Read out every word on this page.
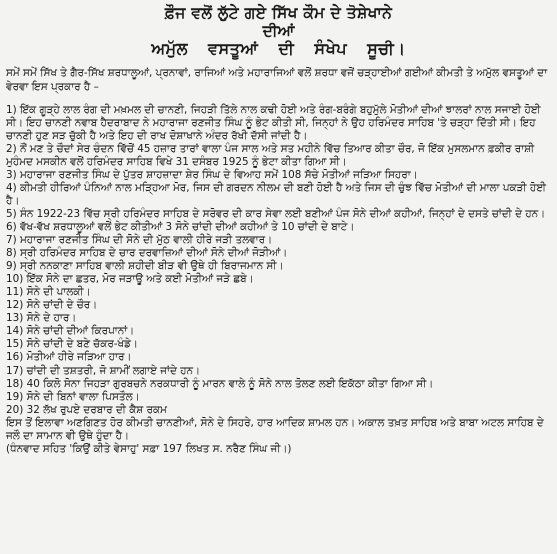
ਫ਼ੌਜ ਵਲੋਂ ਲੁੱਟੇ ਗਏ ਸਿੱਖ ਕੌਮ ਦੇ ਤੋਸ਼ੇਖਾਨੇ
ਦੀਆਂ
ਅਮੁੱਲ ਵਸਤੂਆਂ ਦੀ ਸੰਖੇਪ ਸੂਚੀ।

ਸਮੇਂ ਸਮੇਂ ਸਿੱਖ ਤੇ ਗੈਰ-ਸਿੱਖ ਸ਼ਰਧਾਲੂਆਂ, ਪ੍ਰਨਾਵਾਂ, ਰਾਜਿਆਂ ਅਤੇ ਮਹਾਰਾਜਿਆਂ ਵਲੋਂ ਸ਼ਰਧਾ ਵਜੋਂ ਚੜ੍ਹਾਈਆਂ ਗਈਆਂ ਕੀਮਤੀ ਤੇ ਅਮੁੱਲ ਵਸਤੂਆਂ ਦਾ ਵੇਰਵਾ ਇਸ ਪ੍ਰਕਾਰ ਹੈ –

1) ਇੱਕ ਗੂੜ੍ਹੇ ਲਾਲ ਰੰਗ ਦੀ ਮਖ਼ਮਲ ਦੀ ਚਾਨਣੀ, ਜਿਹੜੀ ਤਿੱਲੇ ਨਾਲ ਕਢੀ ਹੋਈ ਅਤੇ ਰੰਗ-ਬਰੰਗੇ ਬਹੁਮੁੱਲੇ ਮੋਤੀਆਂ ਦੀਆਂ ਝਾਲਰਾਂ ਨਾਲ ਸਜਾਈ ਹੋਈ ਸੀ। ਇਹ ਚਾਨਣੀ ਨਵਾਬ ਹੈਦਰਾਬਾਦ ਨੇ ਮਹਾਰਾਜਾ ਰਣਜੀਤ ਸਿੰਘ ਨੂੰ ਭੇਟ ਕੀਤੀ ਸੀ, ਜਿਨ੍ਹਾਂ ਨੇ ਉਹ ਹਰਿਮੰਦਰ ਸਾਹਿਬ 'ਤੇ ਚੜ੍ਹਾ ਦਿੱਤੀ ਸੀ। ਇਹ ਚਾਨਣੀ ਹੁਣ ਸੜ ਚੁੱਕੀ ਹੈ ਅਤੇ ਇਹ ਦੀ ਰਾਖ ਦੋਸ਼ਾਖਾਨੇ ਅੰਦਰ ਰੱਖੀ ਦੱਸੀ ਜਾਂਦੀ ਹੈ।

2) ਨੌਂ ਮਣ ਤੇ ਚੌਦਾਂ ਸੇਰ ਚੰਦਨ ਵਿੱਚੋਂ 45 ਹਜ਼ਾਰ ਤਾਰਾਂ ਵਾਲਾ ਪੰਜ ਸਾਲ ਅਤੇ ਸਤ ਮਹੀਨੇ ਵਿੱਚ ਤਿਆਰ ਕੀਤਾ ਚੌਰ, ਜੋ ਇੱਕ ਮੁਸਲਮਾਨ ਫ਼ਕੀਰ ਰਾਸ਼ੀ ਮੁਹੰਮਦ ਮਸਕੀਨ ਵਲੋਂ ਹਰਿਮੰਦਰ ਸਾਹਿਬ ਵਿਖੇ 31 ਦਸੰਬਰ 1925 ਨੂੰ ਭੇਟਾ ਕੀਤਾ ਗਿਆ ਸੀ।

3) ਮਹਾਰਾਜਾ ਰਣਜੀਤ ਸਿੰਘ ਦੇ ਪੁੱਤਰ ਸ਼ਾਹਜ਼ਾਦਾ ਸ਼ੇਰ ਸਿੰਘ ਦੇ ਵਿਆਹ ਸਮੇਂ 108 ਸੱਚੇ ਮੋਤੀਆਂ ਜੜਿਆ ਸਿਹਰਾ।

4) ਕੀਮਤੀ ਹੀਰਿਆਂ ਪੰਨਿਆਂ ਨਾਲ ਮੜ੍ਹਿਆ ਮੋਰ, ਜਿਸ ਦੀ ਗਰਦਨ ਨੀਲਮ ਦੀ ਬਣੀ ਹੋਈ ਹੈ ਅਤੇ ਜਿਸ ਦੀ ਚੁੰਝ ਵਿੱਚ ਮੋਤੀਆਂ ਦੀ ਮਾਲਾ ਪਕੜੀ ਹੋਈ ਹੈ।

5) ਸੰਨ 1922-23 ਵਿੱਚ ਸ੍ਰੀ ਹਰਿਮੰਦਰ ਸਾਹਿਬ ਦੇ ਸਰੋਵਰ ਦੀ ਕਾਰ ਸੇਵਾ ਲਈ ਬਣੀਆਂ ਪੰਜ ਸੋਨੇ ਦੀਆਂ ਕਹੀਆਂ, ਜਿਨ੍ਹਾਂ ਦੇ ਦਸਤੇ ਚਾਂਦੀ ਦੇ ਹਨ।

6) ਵੱਖ-ਵੱਖ ਸ਼ਰਧਾਲੂਆਂ ਵਲੋਂ ਭੇਟ ਕੀਤੀਆਂ 3 ਸੋਨੇ ਚਾਂਦੀ ਦੀਆਂ ਕਹੀਆਂ ਤੇ 10 ਚਾਂਦੀ ਦੇ ਬਾਟੇ।

7) ਮਹਾਰਾਜਾ ਰਣਜੀਤ ਸਿੰਘ ਦੀ ਸੋਨੇ ਦੀ ਮੁੱਠ ਵਾਲੀ ਹੀਰੇ ਜੜੀ ਤਲਵਾਰ।

8) ਸ੍ਰੀ ਹਰਿਮੰਦਰ ਸਾਹਿਬ ਦੇ ਚਾਰ ਦਰਵਾਜ਼ਿਆਂ ਦੀਆਂ ਸੋਨੇ ਦੀਆਂ ਜੋੜੀਆਂ।

9) ਸ੍ਰੀ ਨਨਕਾਣਾ ਸਾਹਿਬ ਵਾਲੀ ਸ਼ਹੀਦੀ ਬੀੜ ਵੀ ਉਥੇ ਹੀ ਬਿਰਾਜਮਾਨ ਸੀ।

10) ਇੱਕ ਸੋਨੇ ਦਾ ਛਤਰ, ਮੋਰ ਜੜਾਊ ਅਤੇ ਕਈ ਮੋਤੀਆਂ ਜੜੇ ਛਬੇ।

11) ਸੋਨੇ ਦੀ ਪਾਲਕੀ।

12) ਸੋਨੇ ਚਾਂਦੀ ਦੇ ਚੌਰ।

13) ਸੋਨੇ ਦੇ ਹਾਰ।

14) ਸੋਨੇ ਚਾਂਦੀ ਦੀਆਂ ਕਿਰਪਾਨਾਂ।

15) ਸੋਨੇ ਚਾਂਦੀ ਦੇ ਬਣੇ ਚੱਕਰ-ਖੰਡੇ।

16) ਮੋਤੀਆਂ ਹੀਰੇ ਜੜਿਆ ਹਾਰ।

17) ਚਾਂਦੀ ਦੀ ਤਸ਼ਤਰੀ, ਜੋ ਸ਼ਾਮੀਂ ਲਗਾਏ ਜਾਂਦੇ ਹਨ।

18) 40 ਕਿਲੋ ਸੋਨਾ ਜਿਹੜਾ ਗੁਰਬਚਨੇ ਨਰਕਧਾਰੀ ਨੂੰ ਮਾਰਨ ਵਾਲੇ ਨੂੰ ਸੋਨੇ ਨਾਲ ਤੋਲਣ ਲਈ ਇਕੱਠਾ ਕੀਤਾ ਗਿਆ ਸੀ।

19) ਸੋਨੇ ਦੀ ਬਿਨਾਂ ਵਾਲਾ ਪਿਸਤੌਲ।

20) 32 ਲੱਖ ਰੁਪਏ ਦਰਬਾਰ ਦੀ ਕੈਸ਼ ਰਕਮ

ਇਸ ਤੋਂ ਇਲਾਵਾ ਅਣਗਿਣਤ ਹੋਰ ਕੀਮਤੀ ਚਾਨਣੀਆਂ, ਸੋਨੇ ਦੇ ਸਿਹਰੇ, ਹਾਰ ਆਦਿਕ ਸ਼ਾਮਲ ਹਨ। ਅਕਾਲ ਤਖ਼ਤ ਸਾਹਿਬ ਅਤੇ ਬਾਬਾ ਅਟਲ ਸਾਹਿਬ ਦੇ ਜਲੌ ਦਾ ਸਾਮਾਨ ਵੀ ਉਥੇ ਹੁੰਦਾ ਹੈ।

(ਧੰਨਵਾਦ ਸਹਿਤ 'ਕਿਉਂ ਕੀਤੇ ਵੇਸਾਹੁ' ਸਫ਼ਾ 197 ਲਿਖਤ ਸ. ਨਰੈਣ ਸਿੰਘ ਜੀ।)
